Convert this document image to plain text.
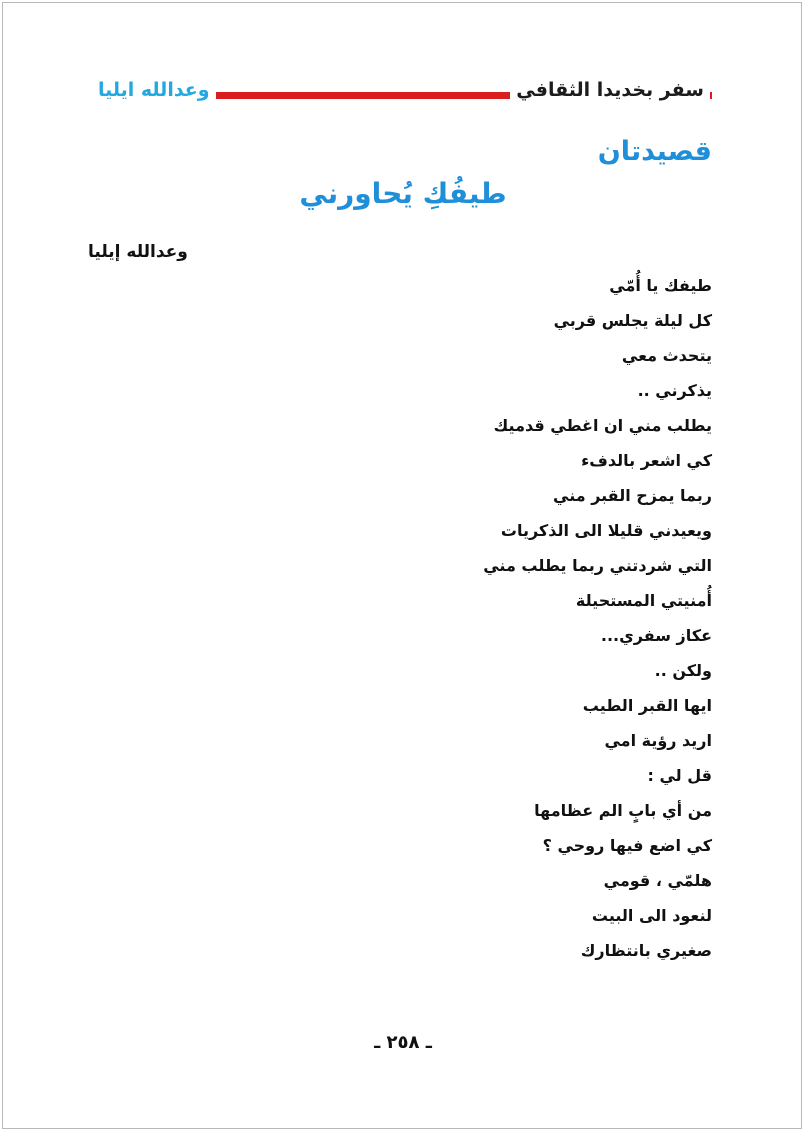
سفر بخديدا الثقافي
وعدالله ايليا
قصيدتان
طيفُكِ يُحاورني
وعدالله إيليا
طيفك يا أُمّي
كل ليلة يجلس قربي
يتحدث معي
يذكرني ..
يطلب مني ان اغطي قدميك
كي اشعر بالدفء
ربما يمزح القبر مني
ويعيدني قليلا الى الذكريات
التي شردتني ربما يطلب مني
أُمنيتي المستحيلة
عكاز سفري...
ولكن ..
ايها القبر الطيب
اريد رؤية امي
قل لي :
من أي بابٍ الم عظامها
كي اضع فيها روحي ؟
هلمّي ، قومي
لنعود الى البيت
صغيري بانتظارك
ـ ٢٥٨ ـ
